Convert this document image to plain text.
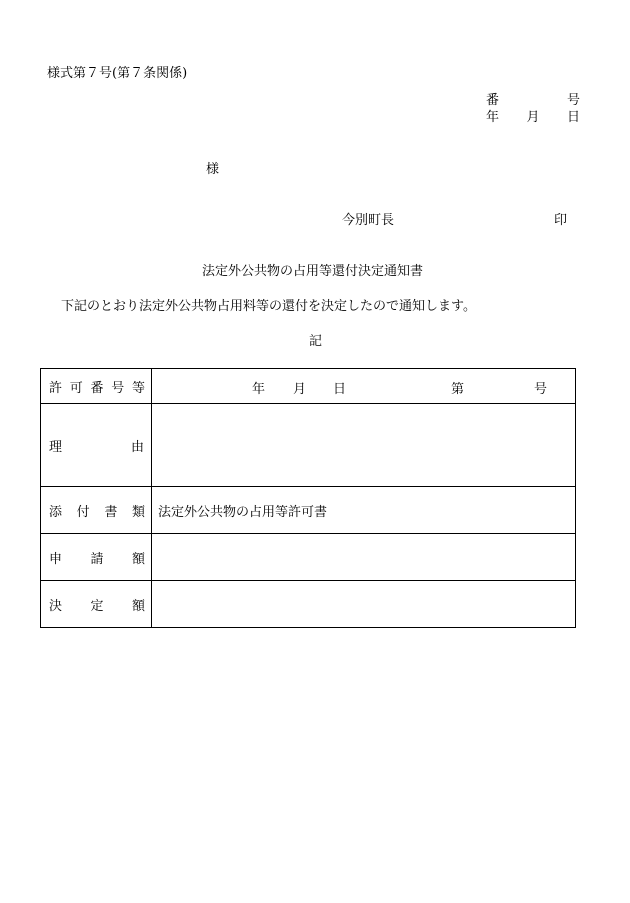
様式第７号(第７条関係)
番	号
年 月 日
様
今別町長	印
法定外公共物の占用等還付決定通知書
下記のとおり法定外公共物占用料等の還付を決定したので通知します。
記
許 可 番 号 等	年 月 日 第 号

理 由	

添 付 書 類	法定外公共物の占用等許可書

申 請 額	

決 定 額	
